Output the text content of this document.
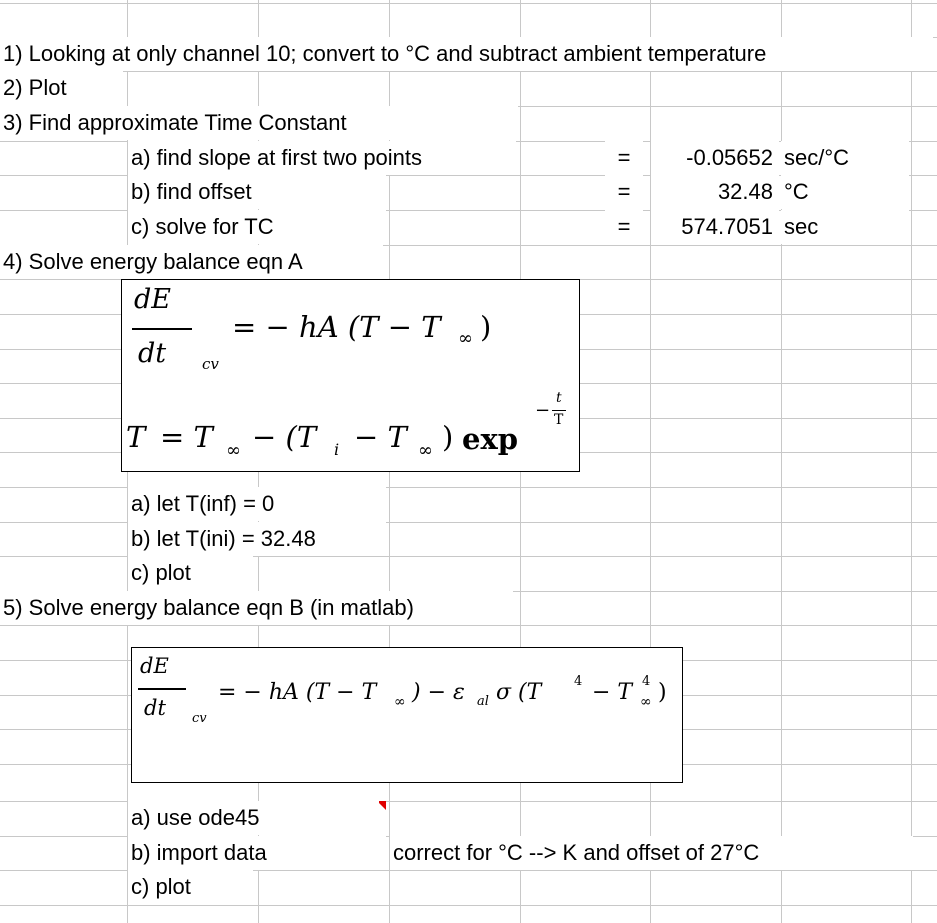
1) Looking at only channel 10; convert to °C and subtract ambient temperature
2) Plot
3) Find approximate Time Constant
a) find slope at first two points	=	-0.05652 sec/°C
b) find offset	=	32.48 °C
c) solve for TC	=	574.7051 sec
4) Solve energy balance eqn A
dE
dt cv
= − hA (T − T ∞ )
T = T ∞ − (T i − T ∞ ) exp
−
t
T
a) let T(inf) = 0
b) let T(ini) = 32.48
c) plot
5) Solve energy balance eqn B (in matlab)
dE
dt cv
= − hA (T − T ∞ ) − ε al σ (T	4 − T 4
∞ )
a) use ode45
b) import data	correct for °C --> K and offset of 27°C
c) plot
